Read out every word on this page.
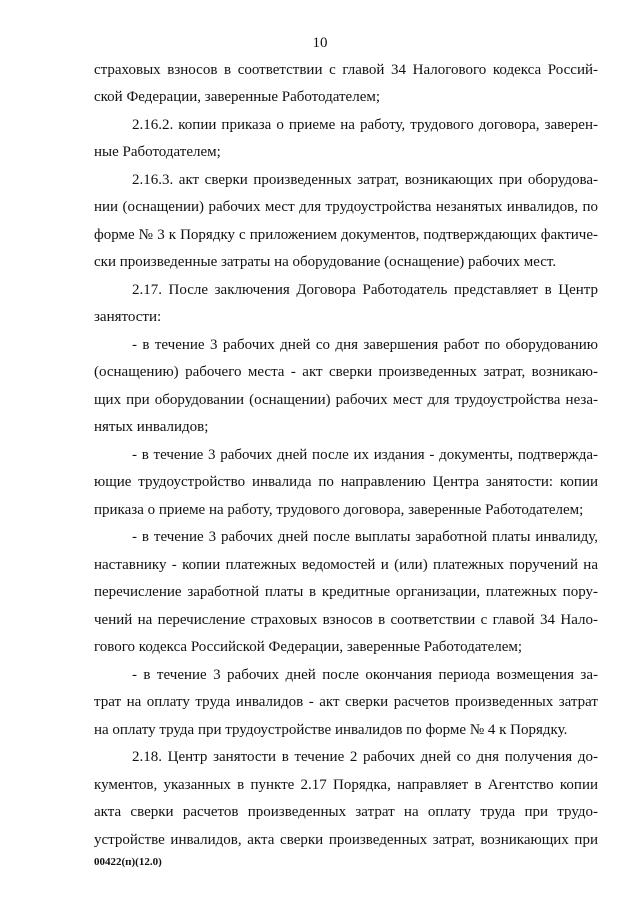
10
страховых взносов в соответствии с главой 34 Налогового кодекса Россий-
ской Федерации, заверенные Работодателем;
2.16.2. копии приказа о приеме на работу, трудового договора, заверен-
ные Работодателем;
2.16.3. акт сверки произведенных затрат, возникающих при оборудова-
нии (оснащении) рабочих мест для трудоустройства незанятых инвалидов, по
форме № 3 к Порядку с приложением документов, подтверждающих фактиче-
ски произведенные затраты на оборудование (оснащение) рабочих мест.
2.17. После заключения Договора Работодатель представляет в Центр
занятости:
- в течение 3 рабочих дней со дня завершения работ по оборудованию
(оснащению) рабочего места - акт сверки произведенных затрат, возникаю-
щих при оборудовании (оснащении) рабочих мест для трудоустройства неза-
нятых инвалидов;
- в течение 3 рабочих дней после их издания - документы, подтвержда-
ющие трудоустройство инвалида по направлению Центра занятости: копии
приказа о приеме на работу, трудового договора, заверенные Работодателем;
- в течение 3 рабочих дней после выплаты заработной платы инвалиду,
наставнику - копии платежных ведомостей и (или) платежных поручений на
перечисление заработной платы в кредитные организации, платежных пору-
чений на перечисление страховых взносов в соответствии с главой 34 Нало-
гового кодекса Российской Федерации, заверенные Работодателем;
- в течение 3 рабочих дней после окончания периода возмещения за-
трат на оплату труда инвалидов - акт сверки расчетов произведенных затрат
на оплату труда при трудоустройстве инвалидов по форме № 4 к Порядку.
2.18. Центр занятости в течение 2 рабочих дней со дня получения до-
кументов, указанных в пункте 2.17 Порядка, направляет в Агентство копии
акта сверки расчетов произведенных затрат на оплату труда при трудо-
устройстве инвалидов, акта сверки произведенных затрат, возникающих при
00422(п)(12.0)
